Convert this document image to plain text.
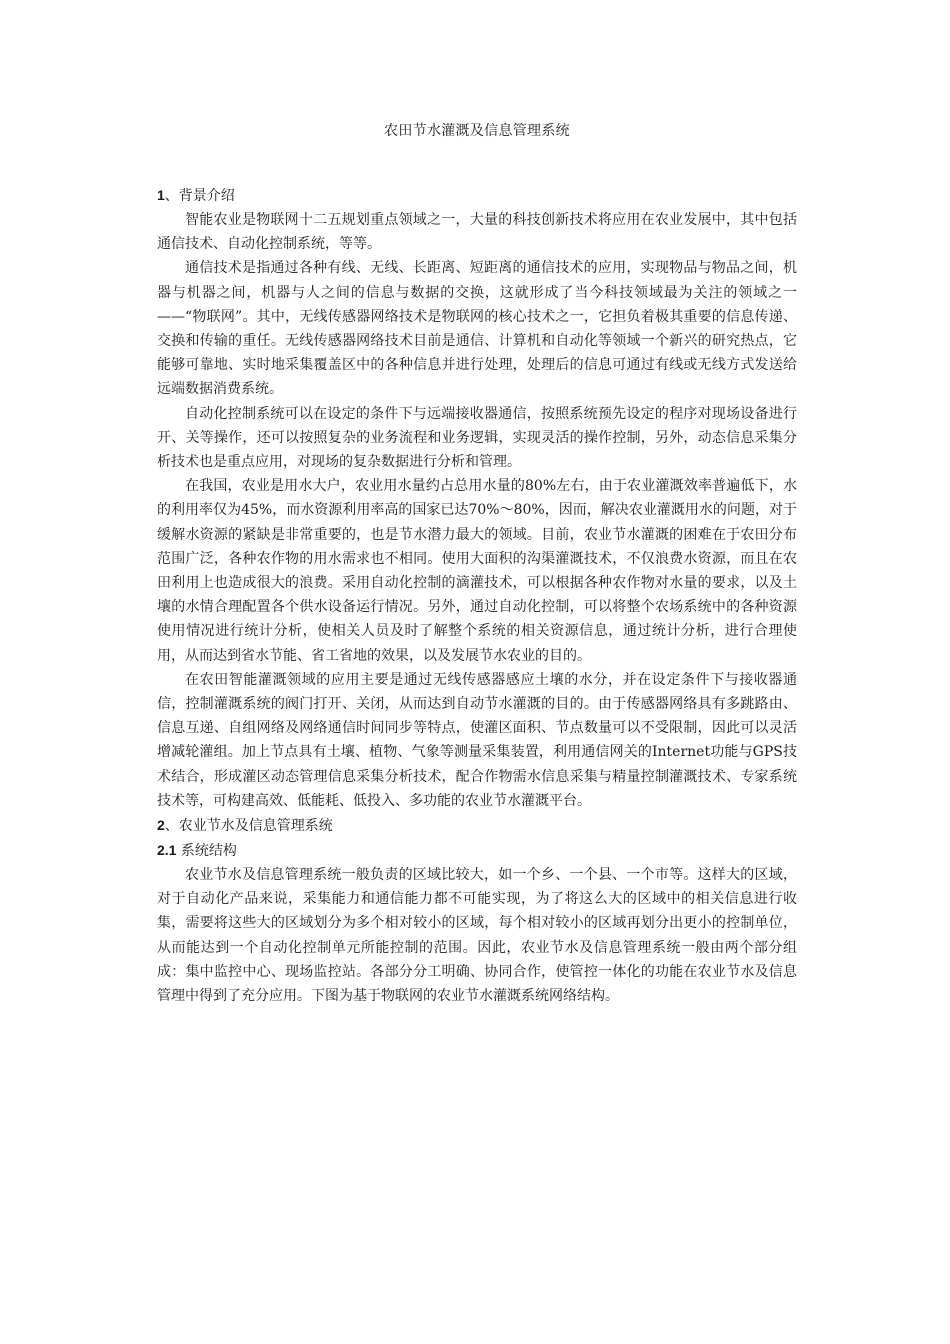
农田节水灌溉及信息管理系统

1、背景介绍

智能农业是物联网十二五规划重点领域之一，大量的科技创新技术将应用在农业发展中，其中包括通信技术、自动化控制系统，等等。

通信技术是指通过各种有线、无线、长距离、短距离的通信技术的应用，实现物品与物品之间，机器与机器之间，机器与人之间的信息与数据的交换，这就形成了当今科技领域最为关注的领域之一——“物联网”。其中，无线传感器网络技术是物联网的核心技术之一，它担负着极其重要的信息传递、交换和传输的重任。无线传感器网络技术目前是通信、计算机和自动化等领域一个新兴的研究热点，它能够可靠地、实时地采集覆盖区中的各种信息并进行处理，处理后的信息可通过有线或无线方式发送给远端数据消费系统。

自动化控制系统可以在设定的条件下与远端接收器通信，按照系统预先设定的程序对现场设备进行开、关等操作，还可以按照复杂的业务流程和业务逻辑，实现灵活的操作控制，另外，动态信息采集分析技术也是重点应用，对现场的复杂数据进行分析和管理。

在我国，农业是用水大户，农业用水量约占总用水量的80%左右，由于农业灌溉效率普遍低下，水的利用率仅为45%，而水资源利用率高的国家已达70%～80%，因而，解决农业灌溉用水的问题，对于缓解水资源的紧缺是非常重要的，也是节水潜力最大的领域。目前，农业节水灌溉的困难在于农田分布范围广泛，各种农作物的用水需求也不相同。使用大面积的沟渠灌溉技术，不仅浪费水资源，而且在农田利用上也造成很大的浪费。采用自动化控制的滴灌技术，可以根据各种农作物对水量的要求，以及土壤的水情合理配置各个供水设备运行情况。另外，通过自动化控制，可以将整个农场系统中的各种资源使用情况进行统计分析，使相关人员及时了解整个系统的相关资源信息，通过统计分析，进行合理使用，从而达到省水节能、省工省地的效果，以及发展节水农业的目的。

在农田智能灌溉领域的应用主要是通过无线传感器感应土壤的水分，并在设定条件下与接收器通信，控制灌溉系统的阀门打开、关闭，从而达到自动节水灌溉的目的。由于传感器网络具有多跳路由、信息互递、自组网络及网络通信时间同步等特点，使灌区面积、节点数量可以不受限制，因此可以灵活增减轮灌组。加上节点具有土壤、植物、气象等测量采集装置，利用通信网关的Internet功能与GPS技术结合，形成灌区动态管理信息采集分析技术，配合作物需水信息采集与精量控制灌溉技术、专家系统技术等，可构建高效、低能耗、低投入、多功能的农业节水灌溉平台。

2、农业节水及信息管理系统

2.1 系统结构

农业节水及信息管理系统一般负责的区域比较大，如一个乡、一个县、一个市等。这样大的区域，对于自动化产品来说，采集能力和通信能力都不可能实现，为了将这么大的区域中的相关信息进行收集，需要将这些大的区域划分为多个相对较小的区域，每个相对较小的区域再划分出更小的控制单位，从而能达到一个自动化控制单元所能控制的范围。因此，农业节水及信息管理系统一般由两个部分组成：集中监控中心、现场监控站。各部分分工明确、协同合作，使管控一体化的功能在农业节水及信息管理中得到了充分应用。下图为基于物联网的农业节水灌溉系统网络结构。
